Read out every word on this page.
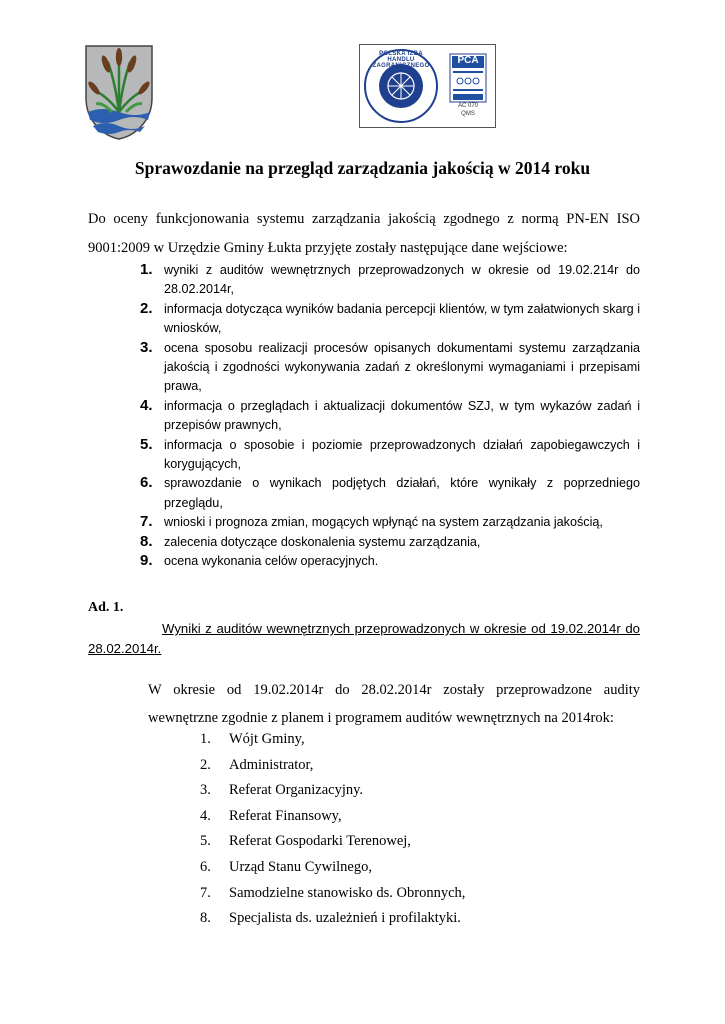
POLSKA IZBA HANDLU ZAGRANICZNEGO	PCA
AC 070
QMS
Sprawozdanie na przegląd zarządzania jakością w 2014 roku
Do oceny funkcjonowania systemu zarządzania jakością zgodnego z normą PN-EN ISO
9001:2009 w Urzędzie Gminy Łukta przyjęte zostały następujące dane wejściowe:
1. wyniki z auditów wewnętrznych przeprowadzonych w okresie od 19.02.214r do 28.02.2014r,
2. informacja dotycząca wyników badania percepcji klientów, w tym załatwionych skarg i wniosków,
3. ocena sposobu realizacji procesów opisanych dokumentami systemu zarządzania jakością i zgodności wykonywania zadań z określonymi wymaganiami i przepisami prawa,
4. informacja o przeglądach i aktualizacji dokumentów SZJ, w tym wykazów zadań i przepisów prawnych,
5. informacja o sposobie i poziomie przeprowadzonych działań zapobiegawczych i korygujących,
6. sprawozdanie o wynikach podjętych działań, które wynikały z poprzedniego przeglądu,
7. wnioski i prognoza zmian, mogących wpłynąć na system zarządzania jakością,
8. zalecenia dotyczące doskonalenia systemu zarządzania,
9. ocena wykonania celów operacyjnych.
Ad. 1.
Wyniki z auditów wewnętrznych przeprowadzonych w okresie od 19.02.2014r do 28.02.2014r.
W okresie od 19.02.2014r do 28.02.2014r zostały przeprowadzone audity
wewnętrzne zgodnie z planem i programem auditów wewnętrznych na 2014rok:
1. Wójt Gminy,
2. Administrator,
3. Referat Organizacyjny.
4. Referat Finansowy,
5. Referat Gospodarki Terenowej,
6. Urząd Stanu Cywilnego,
7. Samodzielne stanowisko ds. Obronnych,
8. Specjalista ds. uzależnień i profilaktyki.
